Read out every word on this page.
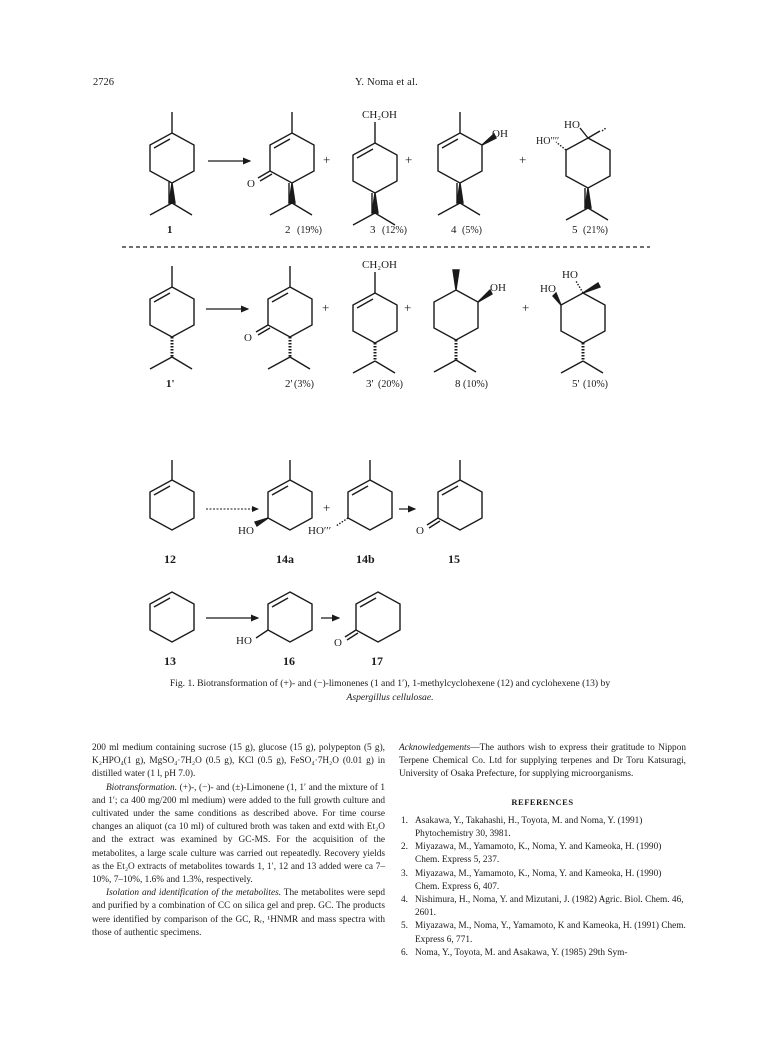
2726	Y. Noma et al.
O
+
CH₂OH
+
OH
+
HO
HO′′′′
1	2 (19%)	3 (12%)	4 (5%)	5 (21%)
O
+
CH₂OH
+
OH
+
HO
HO
1'	2' (3%)	3' (20%)	8 (10%)	5' (10%)
HO
+
HO′′′	O
12	14a	14b	15
HO	O
13	16	17
Fig. 1. Biotransformation of (+)- and (−)-limonenes (1 and 1′), 1-methylcyclohexene (12) and cyclohexene (13) by
Aspergillus cellulosae.

200 ml medium containing sucrose (15 g), glucose (15 g), polypepton (5 g), K₂HPO₄(1 g), MgSO₄·7H₂O (0.5 g), KCl (0.5 g), FeSO₄·7H₂O (0.01 g) in distilled water (1 l, pH 7.0).

Biotransformation. (+)-, (−)- and (±)-Limonene (1, 1′ and the mixture of 1 and 1′; ca 400 mg/200 ml medium) were added to the full growth culture and cultivated under the same conditions as described above. For time course changes an aliquot (ca 10 ml) of cultured broth was taken and extd with Et₂O and the extract was examined by GC-MS. For the acquisition of the metabolites, a large scale culture was carried out repeatedly. Recovery yields as the Et₂O extracts of metabolites towards 1, 1′, 12 and 13 added were ca 7–10%, 7–10%, 1.6% and 1.3%, respectively.

Isolation and identification of the metabolites. The metabolites were sepd and purified by a combination of CC on silica gel and prep. GC. The products were identified by comparison of the GC, Rᵣ, ¹HNMR and mass spectra with those of authentic specimens.

Acknowledgements—The authors wish to express their gratitude to Nippon Terpene Chemical Co. Ltd for supplying terpenes and Dr Toru Katsuragi, University of Osaka Prefecture, for supplying microorganisms.

REFERENCES
1. Asakawa, Y., Takahashi, H., Toyota, M. and Noma, Y. (1991) Phytochemistry 30, 3981.
2. Miyazawa, M., Yamamoto, K., Noma, Y. and Kameoka, H. (1990) Chem. Express 5, 237.
3. Miyazawa, M., Yamamoto, K., Noma, Y. and Kameoka, H. (1990) Chem. Express 6, 407.
4. Nishimura, H., Noma, Y. and Mizutani, J. (1982) Agric. Biol. Chem. 46, 2601.
5. Miyazawa, M., Noma, Y., Yamamoto, K and Kameoka, H. (1991) Chem. Express 6, 771.
6. Noma, Y., Toyota, M. and Asakawa, Y. (1985) 29th Sym-
